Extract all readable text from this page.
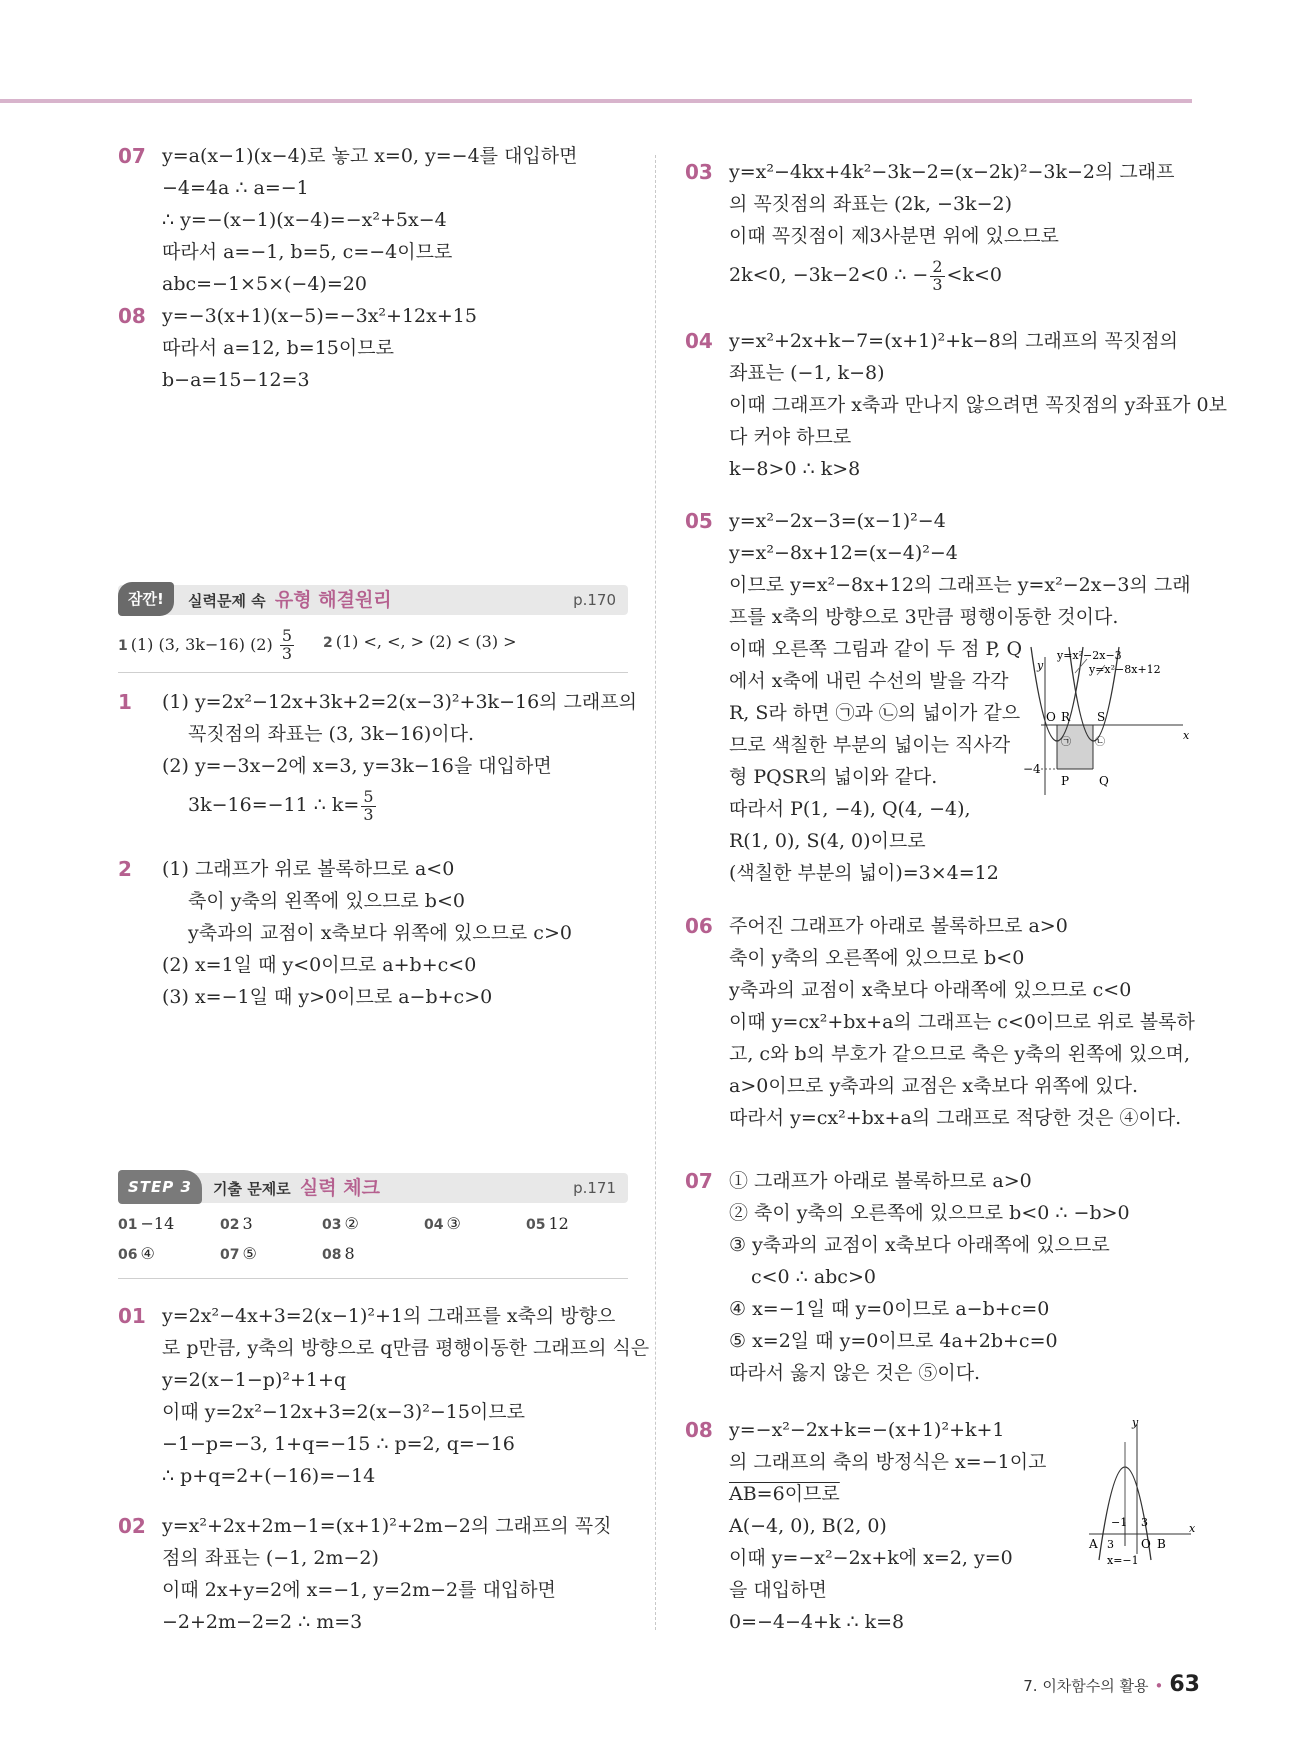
07 y=a(x−1)(x−4)로 놓고 x=0, y=−4를 대입하면
−4=4a ∴ a=−1
∴ y=−(x−1)(x−4)=−x²+5x−4
따라서 a=−1, b=5, c=−4이므로
abc=−1×5×(−4)=20
08 y=−3(x+1)(x−5)=−3x²+12x+15
따라서 a=12, b=15이므로
b−a=15−12=3
잠깐!	실력문제 속 유형 해결원리	p.170
1 (1) (3, 3k−16) $(2) \frac{5}{3} 2$ (1) <, <, > (2) < (3) >
1 (1) y=2x²−12x+3k+2=2(x−3)²+3k−16의 그래프의
꼭짓점의 좌표는 (3, 3k−16)이다.
(2) y=−3x−2에 x=3, y=3k−16을 대입하면
3k−16=−11 ∴ $k= \frac{5}{3}$
2 (1) 그래프가 위로 볼록하므로 a<0
축이 y축의 왼쪽에 있으므로 b<0
y축과의 교점이 x축보다 위쪽에 있으므로 c>0
(2) x=1일 때 y<0이므로 a+b+c<0
(3) x=−1일 때 y>0이므로 a−b+c>0
STEP 3	기출 문제로 실력 체크	p.171
01 −14	02 3	03 ②	04 ③	05 12
06 ④	07 ⑤	08 8
01 y=2x²−4x+3=2(x−1)²+1의 그래프를 x축의 방향으
로 p만큼, y축의 방향으로 q만큼 평행이동한 그래프의 식은
y=2(x−1−p)²+1+q
이때 y=2x²−12x+3=2(x−3)²−15이므로
−1−p=−3, 1+q=−15 ∴ p=2, q=−16
∴ p+q=2+(−16)=−14
02 y=x²+2x+2m−1=(x+1)²+2m−2의 그래프의 꼭짓
점의 좌표는 (−1, 2m−2)
이때 2x+y=2에 x=−1, y=2m−2를 대입하면
−2+2m−2=2 ∴ m=3
03 y=x²−4kx+4k²−3k−2=(x−2k)²−3k−2의 그래프
의 꼭짓점의 좌표는 (2k, −3k−2)
이때 꼭짓점이 제3사분면 위에 있으므로
2k<0, −3k−2<0 ∴ − $\frac{2}{3} <k<0$
04 y=x²+2x+k−7=(x+1)²+k−8의 그래프의 꼭짓점의
좌표는 (−1, k−8)
이때 그래프가 x축과 만나지 않으려면 꼭짓점의 y좌표가 0보
다 커야 하므로
k−8>0 ∴ k>8
05 y=x²−2x−3=(x−1)²−4
y=x²−8x+12=(x−4)²−4
이므로 y=x²−8x+12의 그래프는 y=x²−2x−3의 그래
프를 x축의 방향으로 3만큼 평행이동한 것이다.
이때 오른쪽 그림과 같이 두 점 P, Q
에서 x축에 내린 수선의 발을 각각
R, S라 하면 ㉠과 ㉡의 넓이가 같으
므로 색칠한 부분의 넓이는 직사각
형 PQSR의 넓이와 같다.
따라서 P(1, −4), Q(4, −4),
R(1, 0), S(4, 0)이므로
(색칠한 부분의 넓이)=3×4=12
y=x²−2x−3
y=x²−8x+12
y
x
O R S
P Q
−4
㉠ ㉡
06 주어진 그래프가 아래로 볼록하므로 a>0
축이 y축의 오른쪽에 있으므로 b<0
y축과의 교점이 x축보다 아래쪽에 있으므로 c<0
이때 y=cx²+bx+a의 그래프는 c<0이므로 위로 볼록하
고, c와 b의 부호가 같으므로 축은 y축의 왼쪽에 있으며,
a>0이므로 y축과의 교점은 x축보다 위쪽에 있다.
따라서 y=cx²+bx+a의 그래프로 적당한 것은 ④이다.
07 ① 그래프가 아래로 볼록하므로 a>0
② 축이 y축의 오른쪽에 있으므로 b<0 ∴ −b>0
③ y축과의 교점이 x축보다 아래쪽에 있으므로
c<0 ∴ abc>0
④ x=−1일 때 y=0이므로 a−b+c=0
⑤ x=2일 때 y=0이므로 4a+2b+c=0
따라서 옳지 않은 것은 ⑤이다.
08 y=−x²−2x+k=−(x+1)²+k+1
의 그래프의 축의 방정식은 x=−1이고
AB=6이므로
A(−4, 0), B(2, 0)
이때 y=−x²−2x+k에 x=2, y=0
을 대입하면
0=−4−4+k ∴ k=8
y
x
A	B
O
3
3
−1
x=−1
7. 이차함수의 활용 • 63
